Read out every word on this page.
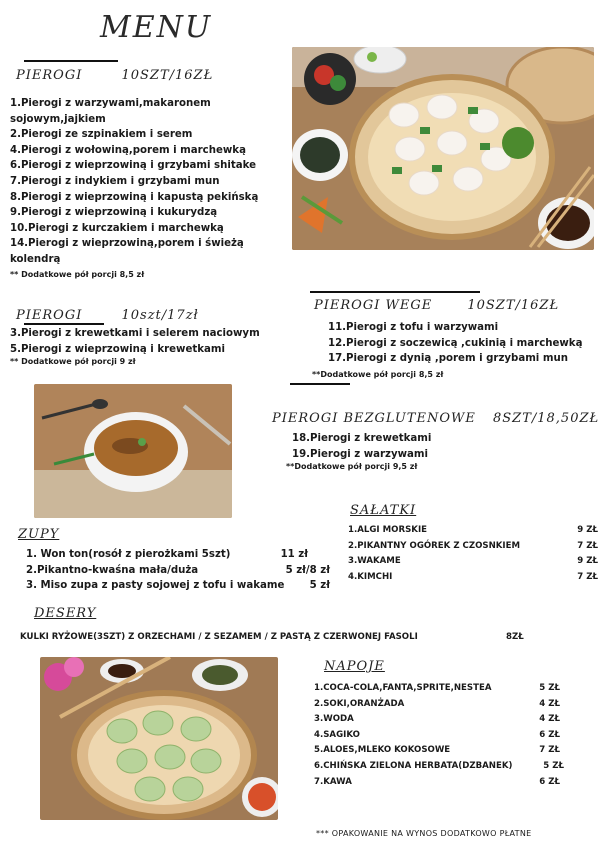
MENU
PIEROGI	10SZT/16ZŁ
1.Pierogi z warzywami,makaronem sojowym,jajkiem
2.Pierogi ze szpinakiem i serem
4.Pierogi z wołowiną,porem i marchewką
6.Pierogi z wieprzowiną i grzybami shitake
7.Pierogi z indykiem i grzybami mun
8.Pierogi z wieprzowiną i kapustą pekińską
9.Pierogi z wieprzowiną i kukurydzą
10.Pierogi z kurczakiem i marchewką
14.Pierogi z wieprzowiną,porem i świeżą kolendrą
** Dodatkowe pół porcji 8,5 zł
PIEROGI	10szt/17zł
3.Pierogi z krewetkami i selerem naciowym
5.Pierogi z wieprzowiną i krewetkami
** Dodatkowe pół porcji 9 zł
PIEROGI WEGE	10SZT/16ZŁ
11.Pierogi z tofu i warzywami
12.Pierogi z soczewicą ,cukinią i marchewką
17.Pierogi z dynią ,porem i grzybami mun
**Dodatkowe pół porcji 8,5 zł
PIEROGI BEZGLUTENOWE 8SZT/18,50ZŁ
18.Pierogi z krewetkami
19.Pierogi z warzywami
**Dodatkowe pół porcji 9,5 zł
SAŁATKI
1.ALGI MORSKIE	9 ZŁ
2.PIKANTNY OGÓREK Z CZOSNKIEM	7 ZŁ
3.WAKAME	9 ZŁ
4.KIMCHI	7 ZŁ
ZUPY
1. Won ton(rosół z pierożkami 5szt)	11 zł
2.Pikantno-kwaśna mała/duża	5 zł/8 zł
3. Miso zupa z pasty sojowej z tofu i wakame 5 zł
DESERY
KULKI RYŻOWE(3SZT) Z ORZECHAMI / Z SEZAMEM / Z PASTĄ Z CZERWONEJ FASOLI	8ZŁ
NAPOJE
1.COCA-COLA,FANTA,SPRITE,NESTEA	5 ZŁ
2.SOKI,ORANŻADA	4 ZŁ
3.WODA	4 ZŁ
4.SAGIKO	6 ZŁ
5.ALOES,MLEKO KOKOSOWE	7 ZŁ
6.CHIŃSKA ZIELONA HERBATA(DZBANEK)	5 ZŁ
7.KAWA	6 ZŁ
*** OPAKOWANIE NA WYNOS DODATKOWO PŁATNE
